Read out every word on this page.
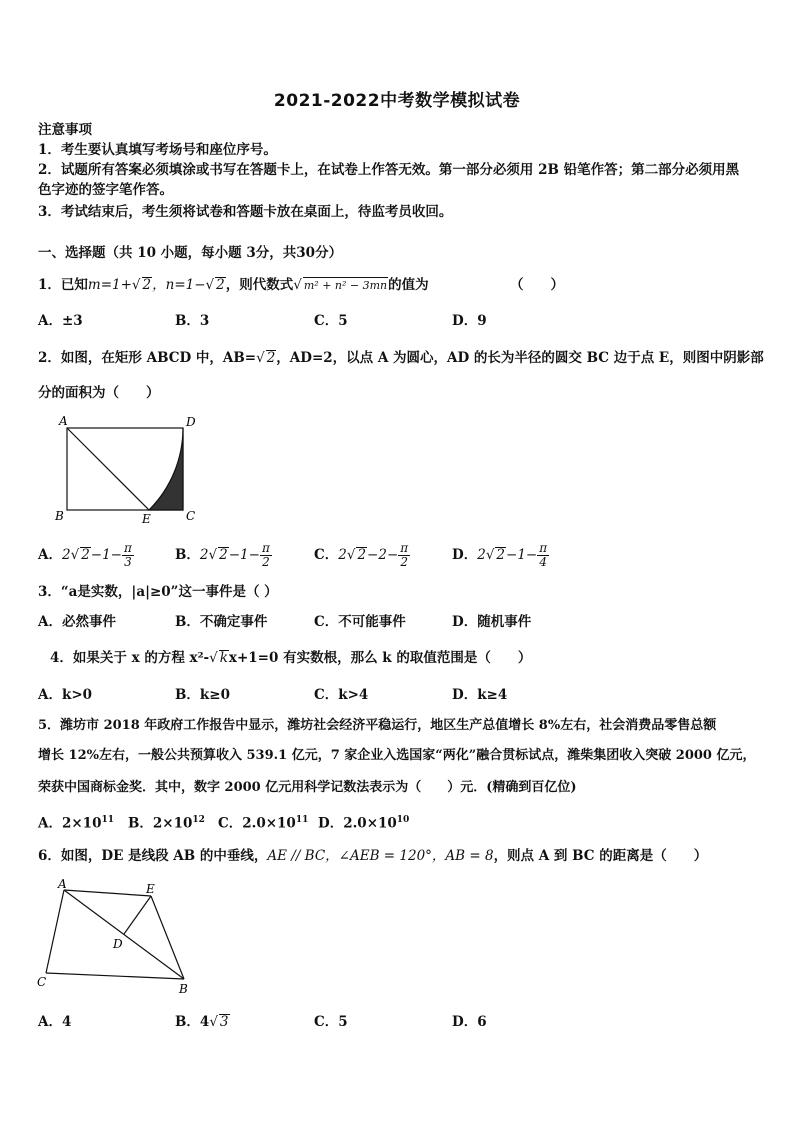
2021-2022中考数学模拟试卷
注意事项
1．考生要认真填写考场号和座位序号。
2．试题所有答案必须填涂或书写在答题卡上，在试卷上作答无效。第一部分必须用 2B 铅笔作答；第二部分必须用黑
色字迹的签字笔作答。
3．考试结束后，考生须将试卷和答题卡放在桌面上，待监考员收回。
一、选择题（共 10 小题，每小题 3分，共30分）
1．已知m=1+√ 2，n=1−√ 2，则代数式√ m² + n² − 3mn的值为	（　　）
A．±3	B．3	C．5	D．9
2．如图，在矩形 ABCD 中，AB=√ 2，AD=2，以点 A 为圆心，AD 的长为半径的圆交 BC 边于点 E，则图中阴影部
分的面积为（　　）
A	D
B	E	C
A．2√ $2-1- \frac{\pi}{3}$	B．2√ $2-1- \frac{\pi}{2}$	C．2√ $2-2- \frac{\pi}{2}$	D．2√ $2-1- \frac{\pi}{4}$
3．“a是实数，|a|≥0”这一事件是（ ）
A．必然事件	B．不确定事件	C．不可能事件	D．随机事件
4．如果关于 x 的方程 x²-√ kx+1=0 有实数根，那么 k 的取值范围是（　　）
A．k>0	B．k≥0	C．k>4	D．k≥4
5．潍坊市 2018 年政府工作报告中显示，潍坊社会经济平稳运行，地区生产总值增长 8%左右，社会消费品零售总额
增长 12%左右，一般公共预算收入 539.1 亿元，7 家企业入选国家“两化”融合贯标试点，潍柴集团收入突破 2000 亿元，
荣获中国商标金奖．其中，数字 2000 亿元用科学记数法表示为（　　）元．(精确到百亿位)
A．$2\times 10^{11}$ B．$2\times 10^{12}$ C．$2.0\times 10^{11}$ D．$2.0\times 10^{10}$
6．如图，DE 是线段 AB 的中垂线，AE // BC，∠AEB = 120°，AB = 8，则点 A 到 BC 的距离是（　　）
A	E
D
C	B
A．4	B．4√ 3	C．5	D．6
